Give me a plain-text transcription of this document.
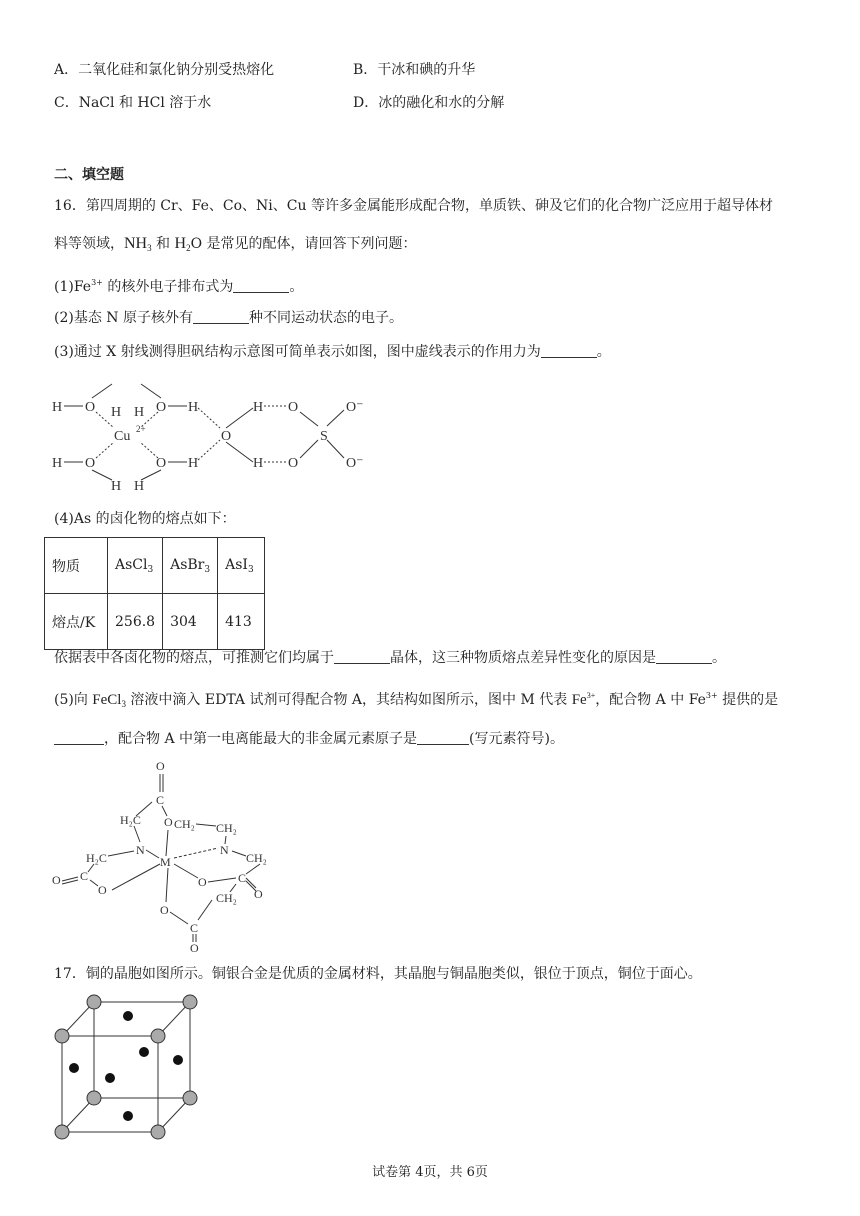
A．二氧化硅和氯化钠分别受热熔化	B．干冰和碘的升华
C．NaCl 和 HCl 溶于水	D．冰的融化和水的分解
二、填空题
16．第四周期的 Cr、Fe、Co、Ni、Cu 等许多金属能形成配合物，单质铁、砷及它们的化合物广泛应用于超导体材
料等领域，$NH_3$ 和 $H_2O$ 是常见的配体，请回答下列问题：
$(1)Fe^{3+}$ 的核外电子排布式为	。
(2)基态 N 原子核外有	种不同运动状态的电子。
(3)通过 X 射线测得胆矾结构示意图可简单表示如图，图中虚线表示的作用力为	。
H H
H H
H O	O H
H O	O H
Cu 2+	O
H
H
O
O
S
O⁻
O⁻
(4)As 的卤化物的熔点如下：
物质	AsCl$_3$	AsBr$_3$	AsI$_3$
熔点/K	256.8	304	413
依据表中各卤化物的熔点，可推测它们均属于	晶体，这三种物质熔点差异性变化的原因是	。
(5)向 FeCl$_3$ 溶液中滴入 EDTA 试剂可得配合物 A，其结构如图所示，图中 M 代表 $Fe^{3+}$，配合物 A 中 $Fe^{3+}$ 提供的是
，配合物 A 中第一电离能最大的非金属元素原子是	(写元素符号)。
O
C
O
H₂C	CH₂ CH₂
N	N
H₂C	CH₂
M
O C
O
O	C
O
CH₂
O
C
O
17．铜的晶胞如图所示。铜银合金是优质的金属材料，其晶胞与铜晶胞类似，银位于顶点，铜位于面心。
试卷第 4页，共 6页
